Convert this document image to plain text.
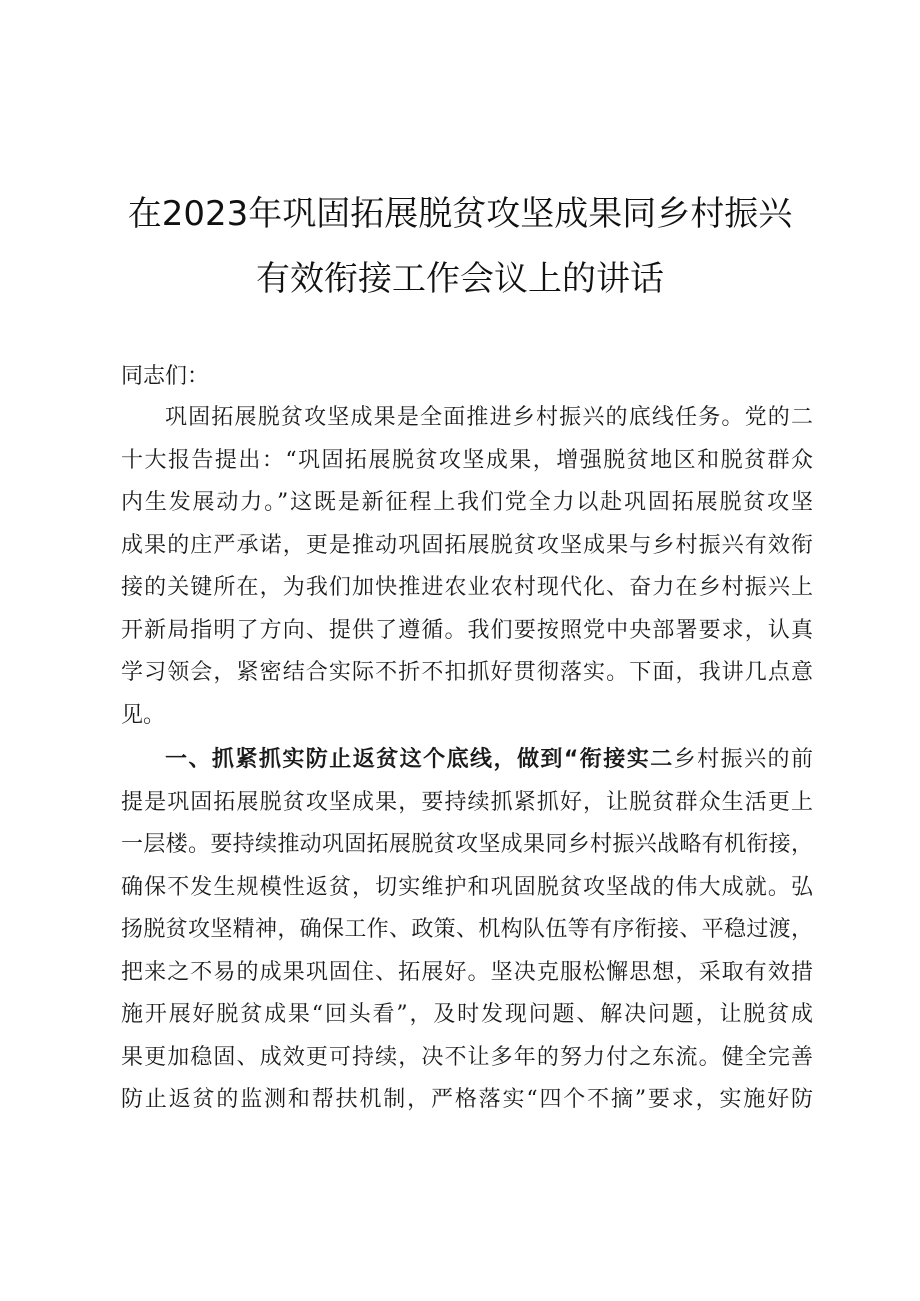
在2023年巩固拓展脱贫攻坚成果同乡村振兴
有效衔接工作会议上的讲话
同志们：
巩固拓展脱贫攻坚成果是全面推进乡村振兴的底线任务。党的二
十大报告提出：“巩固拓展脱贫攻坚成果，增强脱贫地区和脱贫群众
内生发展动力。”这既是新征程上我们党全力以赴巩固拓展脱贫攻坚
成果的庄严承诺，更是推动巩固拓展脱贫攻坚成果与乡村振兴有效衔
接的关键所在，为我们加快推进农业农村现代化、奋力在乡村振兴上
开新局指明了方向、提供了遵循。我们要按照党中央部署要求，认真
学习领会，紧密结合实际不折不扣抓好贯彻落实。下面，我讲几点意
见。
一、抓紧抓实防止返贫这个底线，做到“衔接实二乡村振兴的前
提是巩固拓展脱贫攻坚成果，要持续抓紧抓好，让脱贫群众生活更上
一层楼。要持续推动巩固拓展脱贫攻坚成果同乡村振兴战略有机衔接，
确保不发生规模性返贫，切实维护和巩固脱贫攻坚战的伟大成就。弘
扬脱贫攻坚精神，确保工作、政策、机构队伍等有序衔接、平稳过渡，
把来之不易的成果巩固住、拓展好。坚决克服松懈思想，采取有效措
施开展好脱贫成果“回头看”，及时发现问题、解决问题，让脱贫成
果更加稳固、成效更可持续，决不让多年的努力付之东流。健全完善
防止返贫的监测和帮扶机制，严格落实“四个不摘”要求，实施好防
